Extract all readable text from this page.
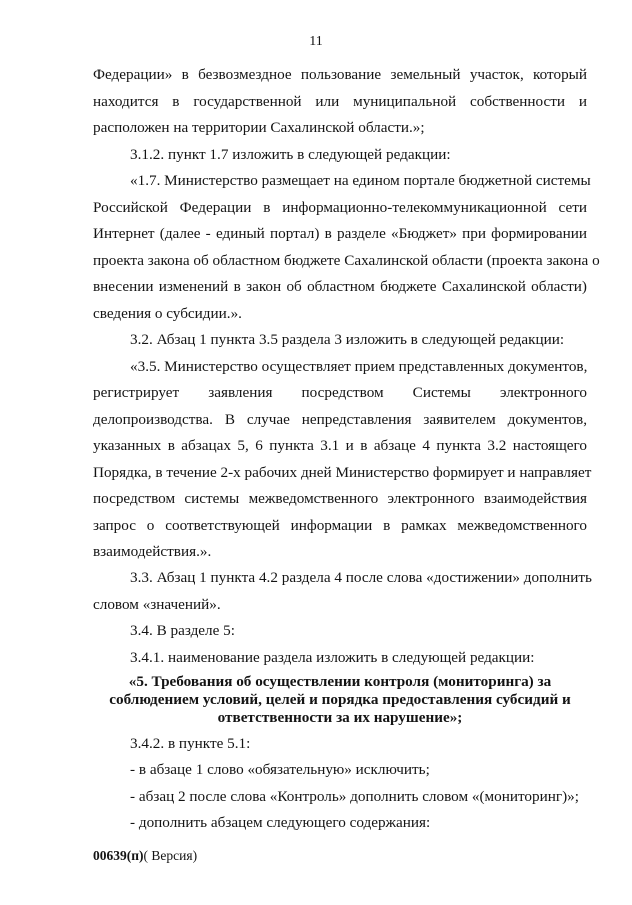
11
Федерации» в безвозмездное пользование земельный участок, который
находится в государственной или муниципальной собственности и
расположен на территории Сахалинской области.»;
3.1.2. пункт 1.7 изложить в следующей редакции:
«1.7. Министерство размещает на едином портале бюджетной системы
Российской Федерации в информационно-телекоммуникационной сети
Интернет (далее - единый портал) в разделе «Бюджет» при формировании
проекта закона об областном бюджете Сахалинской области (проекта закона о
внесении изменений в закон об областном бюджете Сахалинской области)
сведения о субсидии.».
3.2. Абзац 1 пункта 3.5 раздела 3 изложить в следующей редакции:
«3.5. Министерство осуществляет прием представленных документов,
регистрирует заявления посредством Системы электронного
делопроизводства. В случае непредставления заявителем документов,
указанных в абзацах 5, 6 пункта 3.1 и в абзаце 4 пункта 3.2 настоящего
Порядка, в течение 2-х рабочих дней Министерство формирует и направляет
посредством системы межведомственного электронного взаимодействия
запрос о соответствующей информации в рамках межведомственного
взаимодействия.».
3.3. Абзац 1 пункта 4.2 раздела 4 после слова «достижении» дополнить
словом «значений».
3.4. В разделе 5:
3.4.1. наименование раздела изложить в следующей редакции:
«5. Требования об осуществлении контроля (мониторинга) за
соблюдением условий, целей и порядка предоставления субсидий и
ответственности за их нарушение»;
3.4.2. в пункте 5.1:
- в абзаце 1 слово «обязательную» исключить;
- абзац 2 после слова «Контроль» дополнить словом «(мониторинг)»;
- дополнить абзацем следующего содержания:
00639(п)( Версия)
